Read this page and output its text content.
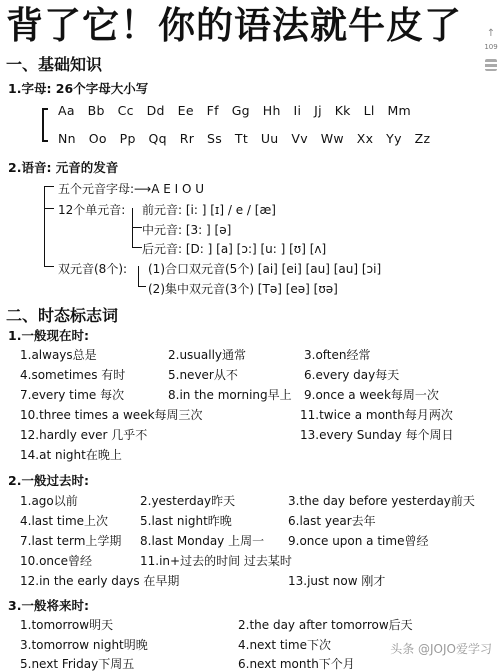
背了它！你的语法就牛皮了	↑
109
一、基础知识
1.字母: 26个字母大小写
Aa Bb Cc Dd Ee Ff Gg Hh Ii Jj Kk Ll Mm
Nn Oo Pp Qq Rr Ss Tt Uu Vv Ww Xx Yy Zz
2.语音: 元音的发音
五个元音字母:⟶A E I O U
12个单元音: 前元音: [i: ] [ɪ] / e / [æ]
中元音: [3: ] [ə]
后元音: [D: ] [a] [ɔ:] [u: ] [ʊ] [ʌ]
双元音(8个): (1)合口双元音(5个) [ai] [ei] [au] [au] [ɔi]
(2)集中双元音(3个) [Tə] [eə] [ʊə]
二、时态标志词
1.一般现在时:
1.always总是	2.usually通常	3.often经常
4.sometimes 有时	5.never从不	6.every day每天
7.every time 每次	8.in the morning早上 9.once a week每周一次
10.three times a week每周三次	11.twice a month每月两次
12.hardly ever 几乎不	13.every Sunday 每个周日
14.at night在晚上
2.一般过去时:
1.ago以前	2.yesterday昨天	3.the day before yesterday前天
4.last time上次	5.last night昨晚	6.last year去年
7.last term上学期 8.last Monday 上周一 9.once upon a time曾经
10.once曾经	11.in+过去的时间 过去某时
12.in the early days 在早期	13.just now 刚才
3.一般将来时:
1.tomorrow明天	2.the day after tomorrow后天
3.tomorrow night明晚	4.next time下次
5.next Friday下周五	6.next month下个月
头条 @JOJO爱学习
